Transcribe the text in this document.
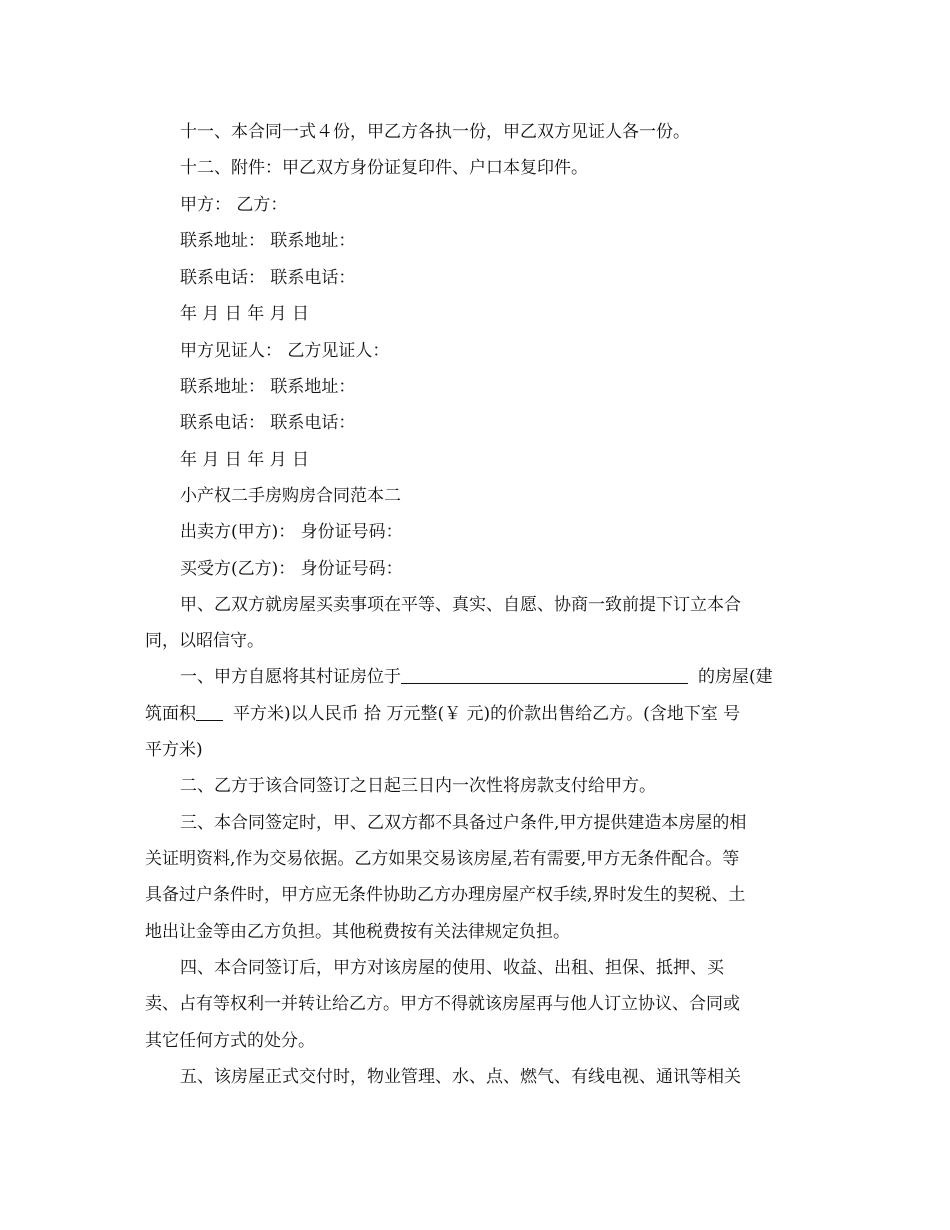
十一、本合同一式４份，甲乙方各执一份，甲乙双方见证人各一份。
十二、附件：甲乙双方身份证复印件、户口本复印件。
甲方： 乙方：
联系地址： 联系地址：
联系电话： 联系电话：
年 月 日 年 月 日
甲方见证人： 乙方见证人：
联系地址： 联系地址：
联系电话： 联系电话：
年 月 日 年 月 日
小产权二手房购房合同范本二
出卖方(甲方)： 身份证号码：
买受方(乙方)： 身份证号码：
甲、乙双方就房屋买卖事项在平等、真实、自愿、协商一致前提下订立本合
同，以昭信守。
一、甲方自愿将其村证房位于	的房屋(建
筑面积 平方米)以人民币 拾 万元整(￥ 元)的价款出售给乙方。(含地下室 号
平方米)
二、乙方于该合同签订之日起三日内一次性将房款支付给甲方。
三、本合同签定时，甲、乙双方都不具备过户条件,甲方提供建造本房屋的相
关证明资料,作为交易依据。乙方如果交易该房屋,若有需要,甲方无条件配合。等
具备过户条件时，甲方应无条件协助乙方办理房屋产权手续,界时发生的契税、土
地出让金等由乙方负担。其他税费按有关法律规定负担。
四、本合同签订后，甲方对该房屋的使用、收益、出租、担保、抵押、买
卖、占有等权利一并转让给乙方。甲方不得就该房屋再与他人订立协议、合同或
其它任何方式的处分。
五、该房屋正式交付时，物业管理、水、点、燃气、有线电视、通讯等相关
